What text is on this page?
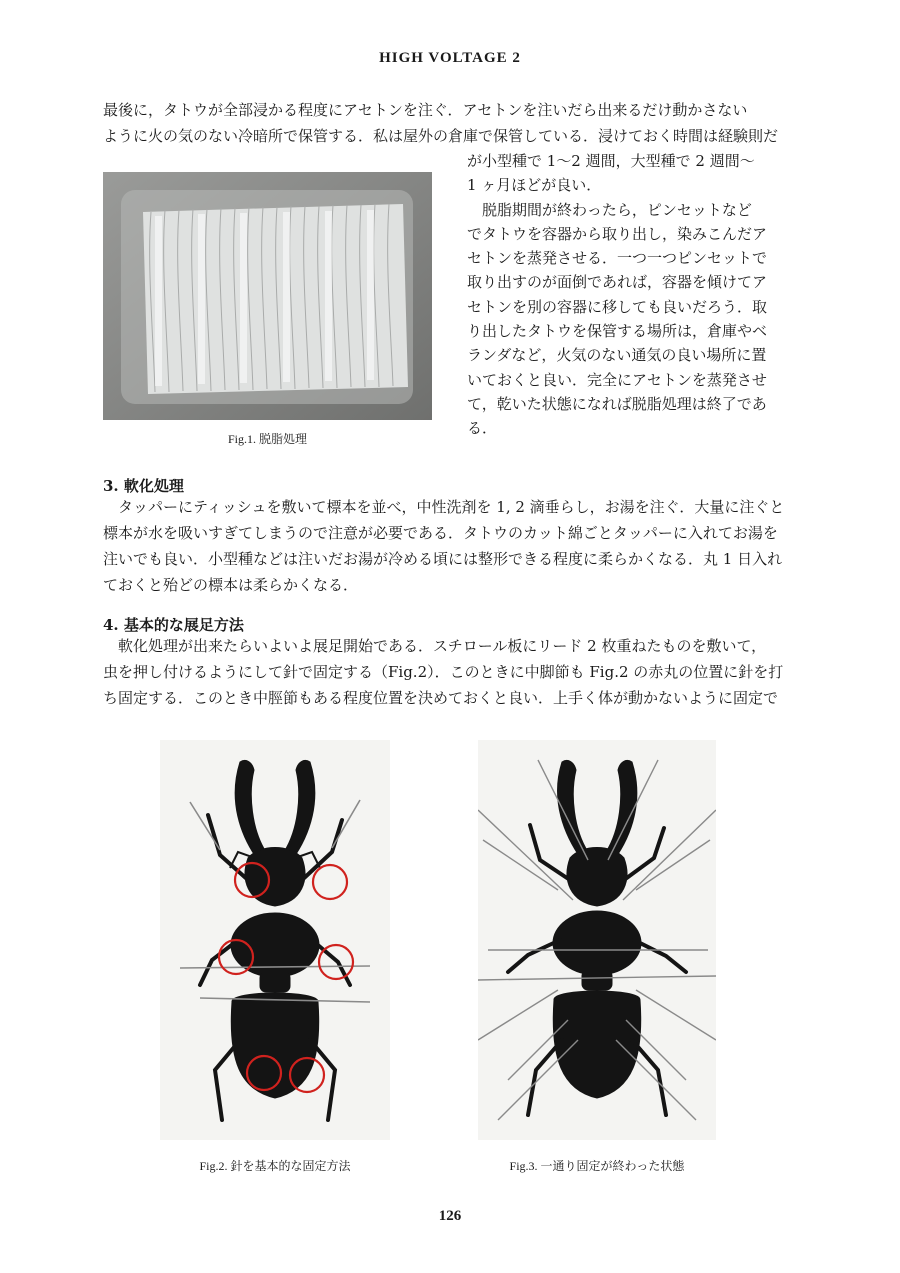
HIGH VOLTAGE 2
最後に，タトウが全部浸かる程度にアセトンを注ぐ．アセトンを注いだら出来るだけ動かさない
ように火の気のない冷暗所で保管する．私は屋外の倉庫で保管している．浸けておく時間は経験則だ
が小型種で 1〜2 週間，大型種で 2 週間〜
1 ヶ月ほどが良い．
　脱脂期間が終わったら，ピンセットなど
でタトウを容器から取り出し，染みこんだア
セトンを蒸発させる．一つ一つピンセットで
取り出すのが面倒であれば，容器を傾けてア
セトンを別の容器に移しても良いだろう．取
り出したタトウを保管する場所は，倉庫やベ
ランダなど，火気のない通気の良い場所に置
いておくと良い．完全にアセトンを蒸発させ
て，乾いた状態になれば脱脂処理は終了であ
る．
Fig.1. 脱脂処理
3. 軟化処理
　タッパーにティッシュを敷いて標本を並べ，中性洗剤を 1, 2 滴垂らし，お湯を注ぐ．大量に注ぐと
標本が水を吸いすぎてしまうので注意が必要である．タトウのカット綿ごとタッパーに入れてお湯を
注いでも良い．小型種などは注いだお湯が冷める頃には整形できる程度に柔らかくなる．丸 1 日入れ
ておくと殆どの標本は柔らかくなる．
4. 基本的な展足方法
　軟化処理が出来たらいよいよ展足開始である．スチロール板にリード 2 枚重ねたものを敷いて，
虫を押し付けるようにして針で固定する（Fig.2）．このときに中脚節も Fig.2 の赤丸の位置に針を打
ち固定する．このとき中脛節もある程度位置を決めておくと良い．上手く体が動かないように固定で
Fig.2. 針を基本的な固定方法	Fig.3. 一通り固定が終わった状態
126
